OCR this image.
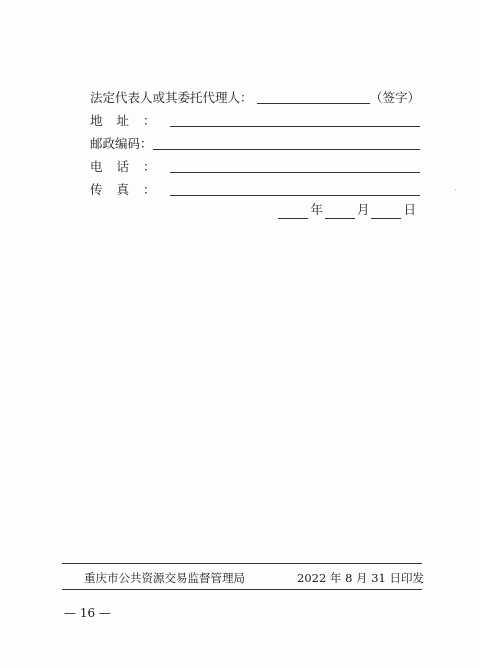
法定代表人或其委托代理人：	（签字）
地址：
邮政编码：
电话：
传真：
年	月	日
·
重庆市公共资源交易监督管理局	2022 年 8 月 31 日印发
— 16 —
